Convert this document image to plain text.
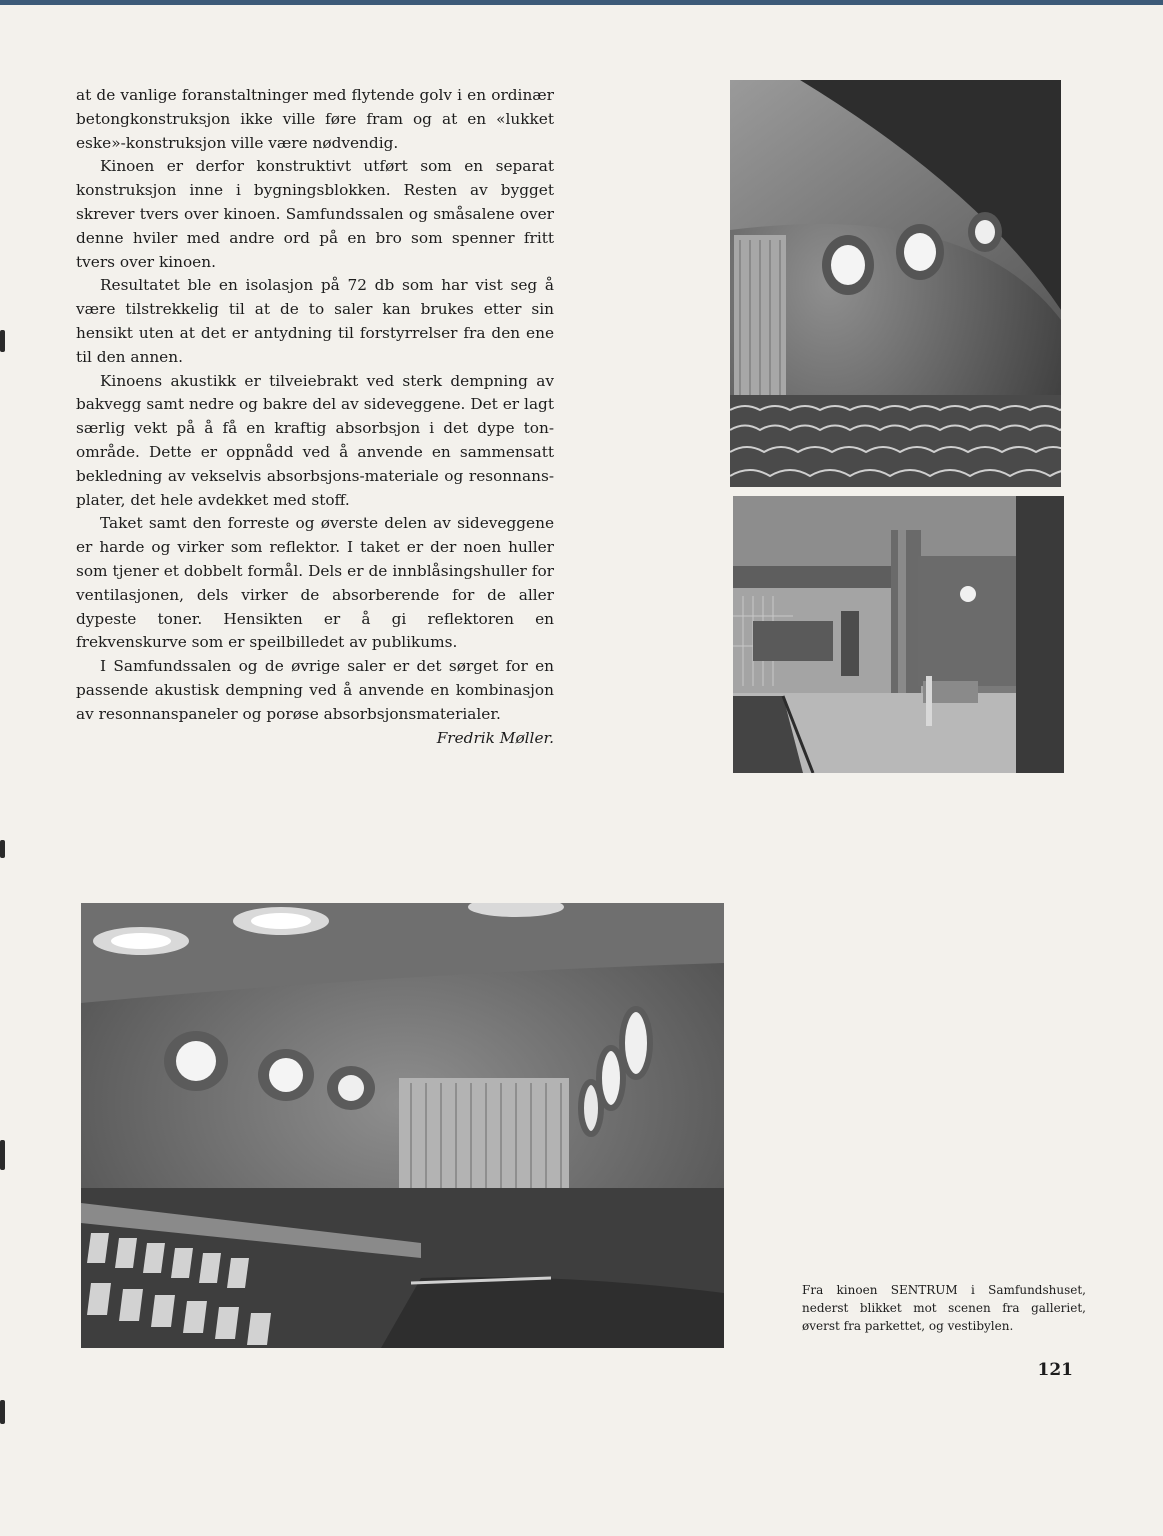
at de vanlige foranstaltninger med flytende golv i en ordinær betongkonstruksjon ikke ville føre fram og at en «lukket eske»-konstruksjon ville være nødvendig.

Kinoen er derfor konstruktivt utført som en separat konstruksjon inne i bygningsblokken. Resten av bygget skrever tvers over kinoen. Samfundssalen og småsalene over denne hviler med andre ord på en bro som spenner fritt tvers over kinoen.

Resultatet ble en isolasjon på 72 db som har vist seg å være tilstrekkelig til at de to saler kan brukes etter sin hensikt uten at det er antydning til forstyrrelser fra den ene til den annen.

Kinoens akustikk er tilveiebrakt ved sterk dempning av bakvegg samt nedre og bakre del av sideveggene. Det er lagt særlig vekt på å få en kraftig absorbsjon i det dype ton-område. Dette er oppnådd ved å anvende en sammensatt bekledning av vekselvis absorbsjons-materiale og resonnans-plater, det hele avdekket med stoff.

Taket samt den forreste og øverste delen av sideveggene er harde og virker som reflektor. I taket er der noen huller som tjener et dobbelt formål. Dels er de innblåsingshuller for ventilasjonen, dels virker de absorberende for de aller dypeste toner. Hensikten er å gi reflektoren en frekvenskurve som er speilbilledet av publikums.

I Samfundssalen og de øvrige saler er det sørget for en passende akustisk dempning ved å anvende en kombinasjon av resonnanspaneler og porøse absorbsjonsmaterialer.

Fredrik Møller.

Fra kinoen SENTRUM i Samfundshuset, nederst blikket mot scenen fra galleriet, øverst fra parkettet, og vestibylen.
121
